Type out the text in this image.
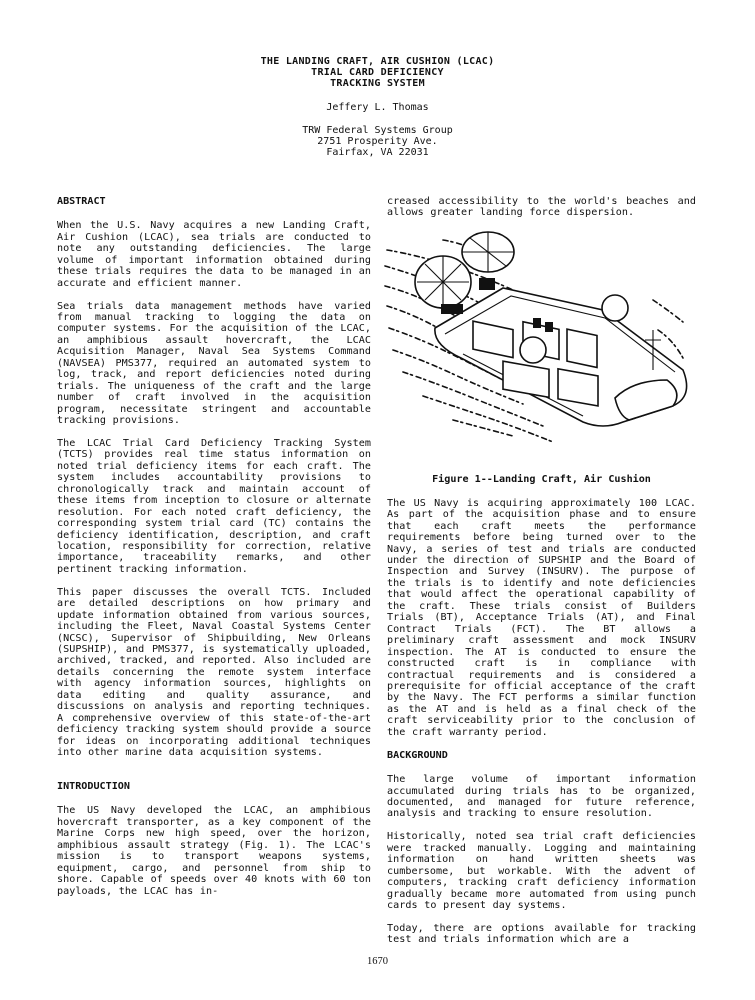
THE LANDING CRAFT, AIR CUSHION (LCAC)
TRIAL CARD DEFICIENCY
TRACKING SYSTEM
Jeffery L. Thomas
TRW Federal Systems Group
2751 Prosperity Ave.
Fairfax, VA 22031
ABSTRACT

When the U.S. Navy acquires a new Landing Craft, Air Cushion (LCAC), sea trials are conducted to note any outstanding deficiencies. The large volume of important information obtained during these trials requires the data to be managed in an accurate and efficient manner.

Sea trials data management methods have varied from manual tracking to logging the data on computer systems. For the acquisition of the LCAC, an amphibious assault hovercraft, the LCAC Acquisition Manager, Naval Sea Systems Command (NAVSEA) PMS377, required an automated system to log, track, and report deficiencies noted during trials. The uniqueness of the craft and the large number of craft involved in the acquisition program, necessitate stringent and accountable tracking provisions.

The LCAC Trial Card Deficiency Tracking System (TCTS) provides real time status information on noted trial deficiency items for each craft. The system includes accountability provisions to chronologically track and maintain account of these items from inception to closure or alternate resolution. For each noted craft deficiency, the corresponding system trial card (TC) contains the deficiency identification, description, and craft location, responsibility for correction, relative importance, traceability remarks, and other pertinent tracking information.

This paper discusses the overall TCTS. Included are detailed descriptions on how primary and update information obtained from various sources, including the Fleet, Naval Coastal Systems Center (NCSC), Supervisor of Shipbuilding, New Orleans (SUPSHIP), and PMS377, is systematically uploaded, archived, tracked, and reported. Also included are details concerning the remote system interface with agency information sources, highlights on data editing and quality assurance, and discussions on analysis and reporting techniques. A comprehensive overview of this state-of-the-art deficiency tracking system should provide a source for ideas on incorporating additional techniques into other marine data acquisition systems.

INTRODUCTION

The US Navy developed the LCAC, an amphibious hovercraft transporter, as a key component of the Marine Corps new high speed, over the horizon, amphibious assault strategy (Fig. 1). The LCAC's mission is to transport weapons systems, equipment, cargo, and personnel from ship to shore. Capable of speeds over 40 knots with 60 ton payloads, the LCAC has in-

creased accessibility to the world's beaches and allows greater landing force dispersion.

Figure 1--Landing Craft, Air Cushion

The US Navy is acquiring approximately 100 LCAC. As part of the acquisition phase and to ensure that each craft meets the performance requirements before being turned over to the Navy, a series of test and trials are conducted under the direction of SUPSHIP and the Board of Inspection and Survey (INSURV). The purpose of the trials is to identify and note deficiencies that would affect the operational capability of the craft. These trials consist of Builders Trials (BT), Acceptance Trials (AT), and Final Contract Trials (FCT). The BT allows a preliminary craft assessment and mock INSURV inspection. The AT is conducted to ensure the constructed craft is in compliance with contractual requirements and is considered a prerequisite for official acceptance of the craft by the Navy. The FCT performs a similar function as the AT and is held as a final check of the craft serviceability prior to the conclusion of the craft warranty period.

BACKGROUND

The large volume of important information accumulated during trials has to be organized, documented, and managed for future reference, analysis and tracking to ensure resolution.

Historically, noted sea trial craft deficiencies were tracked manually. Logging and maintaining information on hand written sheets was cumbersome, but workable. With the advent of computers, tracking craft deficiency information gradually became more automated from using punch cards to present day systems.

Today, there are options available for tracking test and trials information which are a

1670
